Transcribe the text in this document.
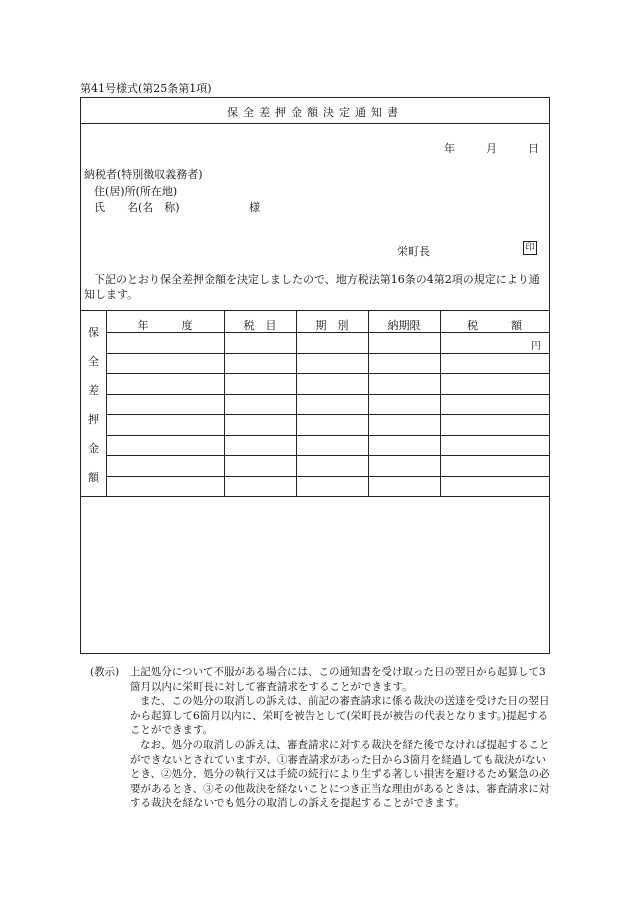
第41号様式(第25条第1項)
保全差押金額決定通知書
年	月	日
納税者(特別徴収義務者)
住(居)所(所在地)
氏　　名(名　称)	様
栄町長	印
下記のとおり保全差押金額を決定しましたので、地方税法第16条の4第2項の規定により通知します。
保
全
差
押
金
額
年　　　度	税　目	期　別	納期限	税　　　額
円

(教示)　 上記処分について不服がある場合には、この通知書を受け取った日の翌日から起算して3箇月以内に栄町長に対して審査請求をすることができます。

また、この処分の取消しの訴えは、前記の審査請求に係る裁決の送達を受けた日の翌日から起算して6箇月以内に、栄町を被告として(栄町長が被告の代表となります。)提起することができます。

なお、処分の取消しの訴えは、審査請求に対する裁決を経た後でなければ提起することができないとされていますが、①審査請求があった日から3箇月を経過しても裁決がないとき、②処分、処分の執行又は手続の続行により生ずる著しい損害を避けるため緊急の必要があるとき、③その他裁決を経ないことにつき正当な理由があるときは、審査請求に対する裁決を経ないでも処分の取消しの訴えを提起することができます。
